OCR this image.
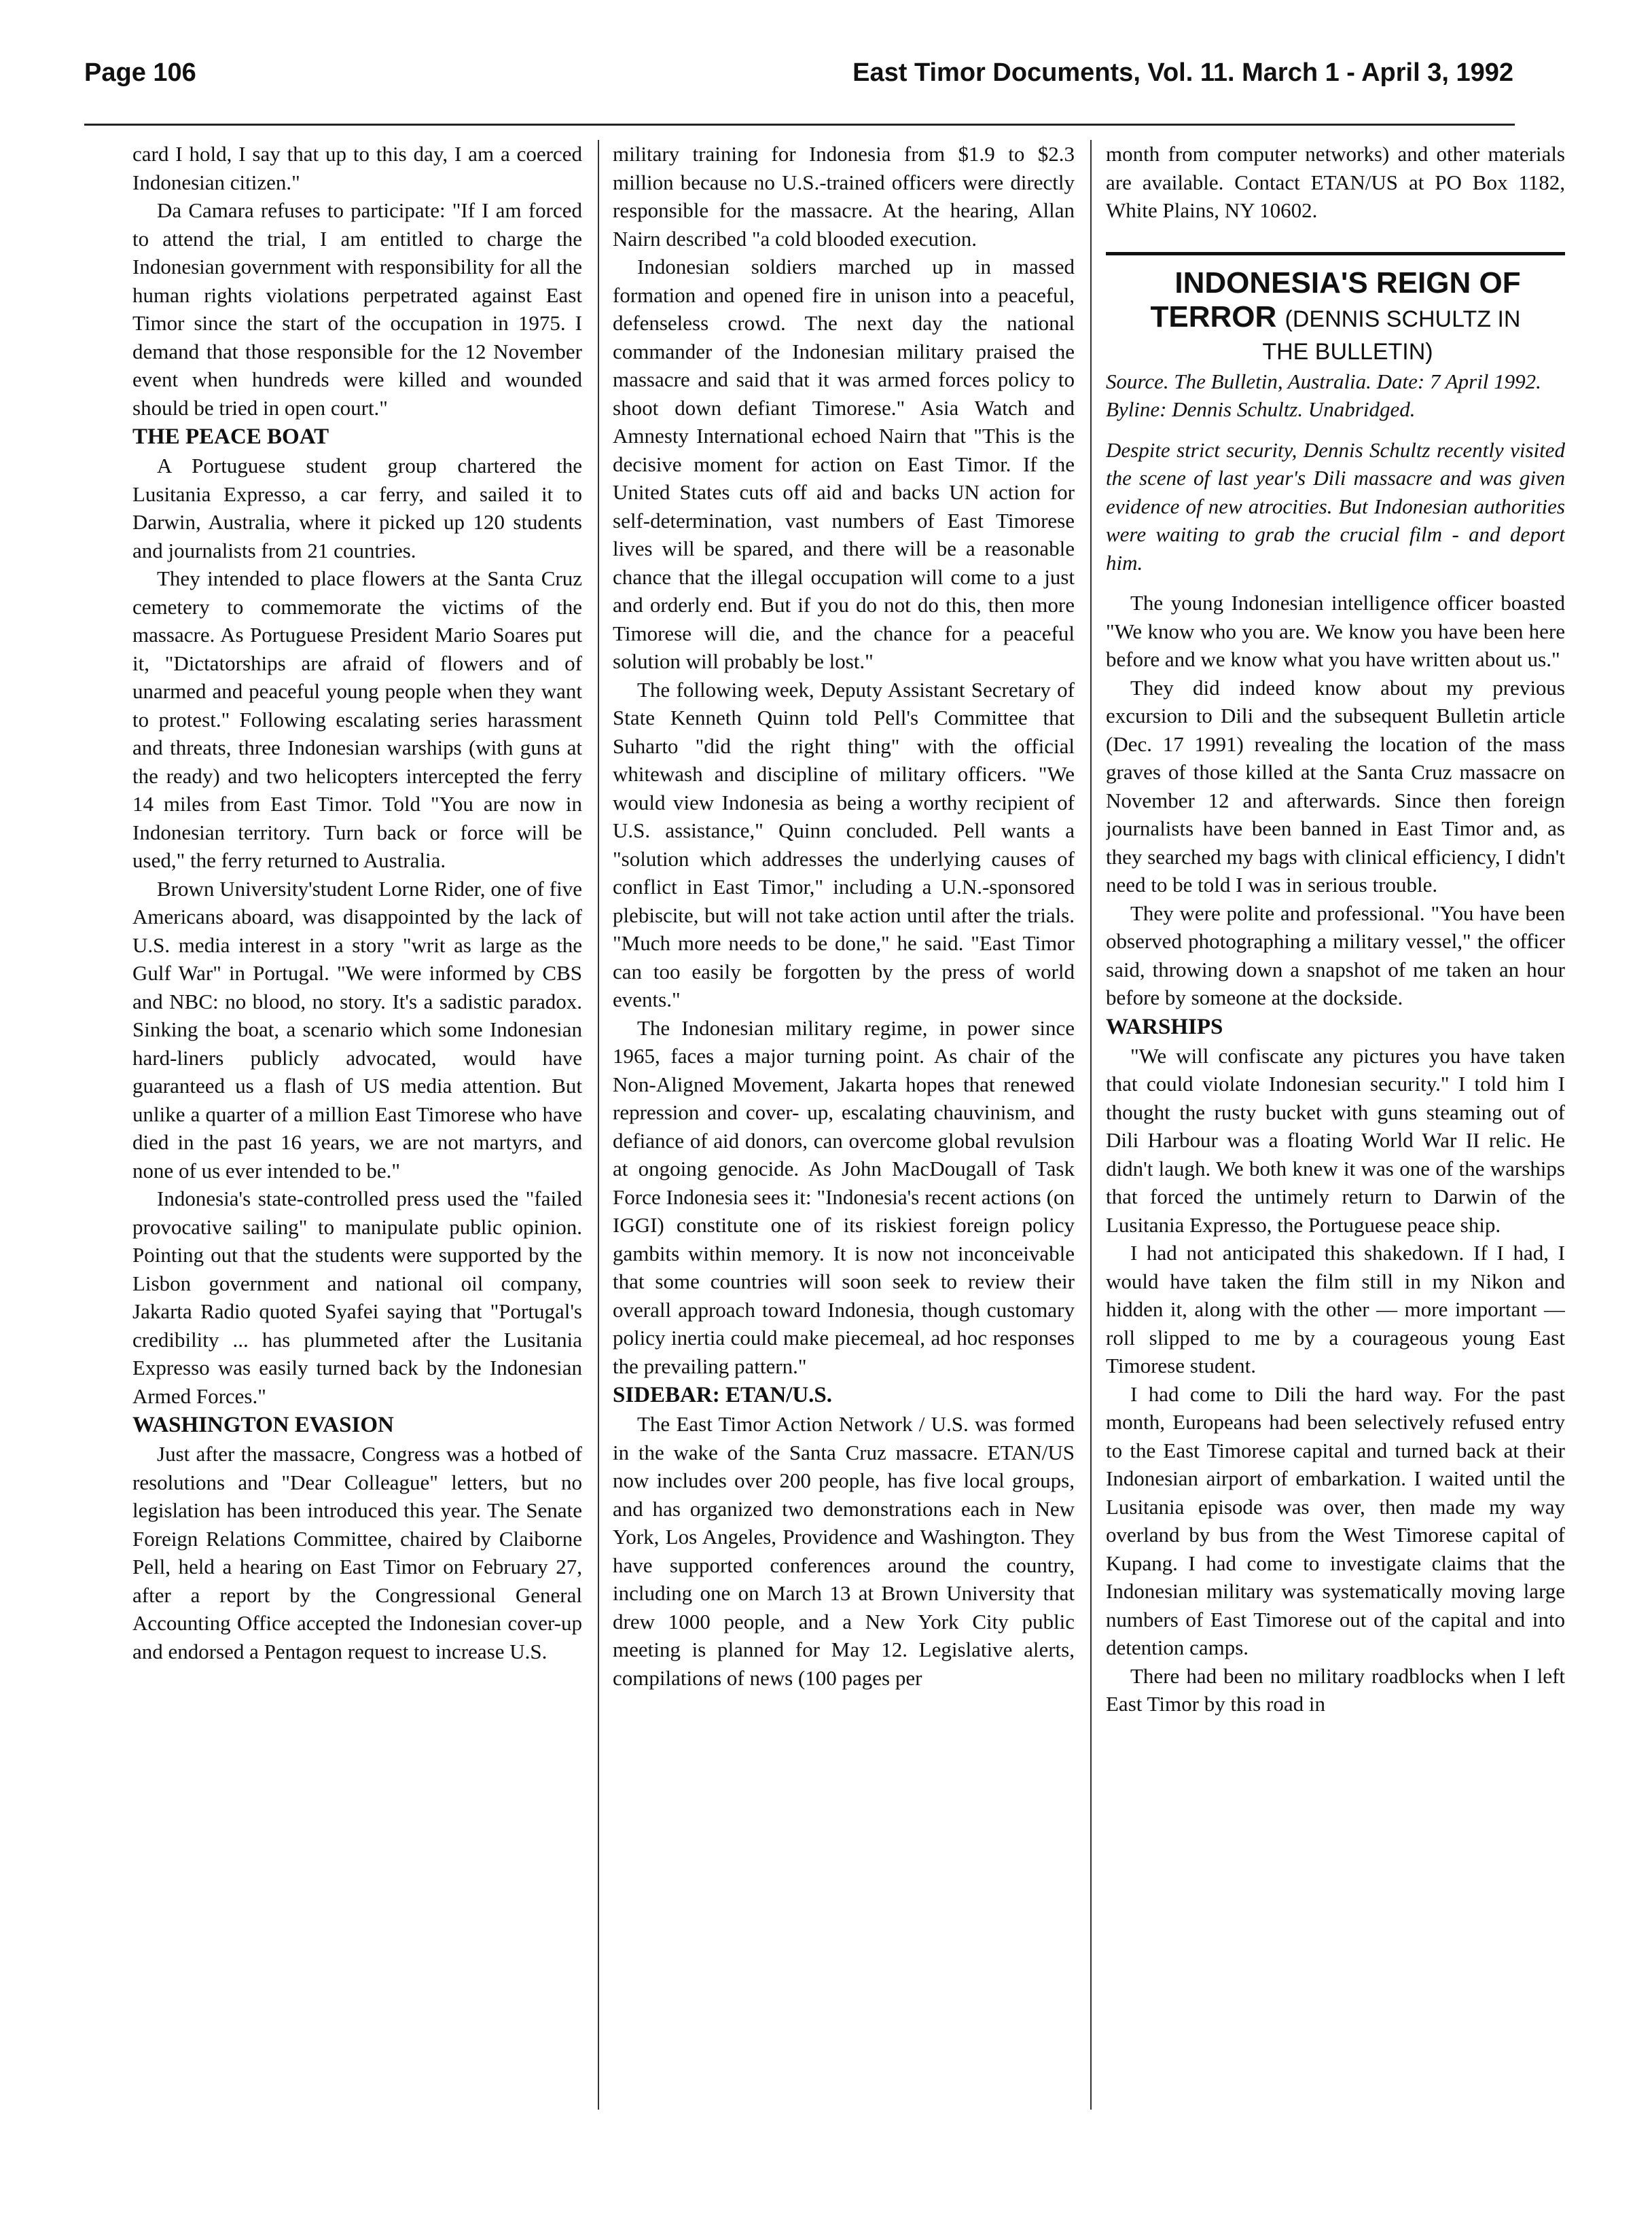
Page 106	East Timor Documents, Vol. 11. March 1 - April 3, 1992

card I hold, I say that up to this day, I am a coerced Indonesian citizen."

Da Camara refuses to participate: "If I am forced to attend the trial, I am entitled to charge the Indonesian government with responsibility for all the human rights violations perpetrated against East Timor since the start of the occupation in 1975. I demand that those responsible for the 12 November event when hundreds were killed and wounded should be tried in open court."

THE PEACE BOAT

A Portuguese student group chartered the Lusitania Expresso, a car ferry, and sailed it to Darwin, Australia, where it picked up 120 students and journalists from 21 countries.

They intended to place flowers at the Santa Cruz cemetery to commemorate the victims of the massacre. As Portuguese President Mario Soares put it, "Dictatorships are afraid of flowers and of unarmed and peaceful young people when they want to protest." Following escalating series harassment and threats, three Indonesian warships (with guns at the ready) and two helicopters intercepted the ferry 14 miles from East Timor. Told "You are now in Indonesian territory. Turn back or force will be used," the ferry returned to Australia.

Brown University'student Lorne Rider, one of five Americans aboard, was disappointed by the lack of U.S. media interest in a story "writ as large as the Gulf War" in Portugal. "We were informed by CBS and NBC: no blood, no story. It's a sadistic paradox. Sinking the boat, a scenario which some Indonesian hard-liners publicly advocated, would have guaranteed us a flash of US media attention. But unlike a quarter of a million East Timorese who have died in the past 16 years, we are not martyrs, and none of us ever intended to be."

Indonesia's state-controlled press used the "failed provocative sailing" to manipulate public opinion. Pointing out that the students were supported by the Lisbon government and national oil company, Jakarta Radio quoted Syafei saying that "Portugal's credibility ... has plummeted after the Lusitania Expresso was easily turned back by the Indonesian Armed Forces."

WASHINGTON EVASION

Just after the massacre, Congress was a hotbed of resolutions and "Dear Colleague" letters, but no legislation has been introduced this year. The Senate Foreign Relations Committee, chaired by Claiborne Pell, held a hearing on East Timor on February 27, after a report by the Congressional General Accounting Office accepted the Indonesian cover-up and endorsed a Pentagon request to increase U.S.

military training for Indonesia from $1.9 to $2.3 million because no U.S.-trained officers were directly responsible for the massacre. At the hearing, Allan Nairn described "a cold blooded execution.

Indonesian soldiers marched up in massed formation and opened fire in unison into a peaceful, defenseless crowd. The next day the national commander of the Indonesian military praised the massacre and said that it was armed forces policy to shoot down defiant Timorese." Asia Watch and Amnesty International echoed Nairn that "This is the decisive moment for action on East Timor. If the United States cuts off aid and backs UN action for self-determination, vast numbers of East Timorese lives will be spared, and there will be a reasonable chance that the illegal occupation will come to a just and orderly end. But if you do not do this, then more Timorese will die, and the chance for a peaceful solution will probably be lost."

The following week, Deputy Assistant Secretary of State Kenneth Quinn told Pell's Committee that Suharto "did the right thing" with the official whitewash and discipline of military officers. "We would view Indonesia as being a worthy recipient of U.S. assistance," Quinn concluded. Pell wants a "solution which addresses the underlying causes of conflict in East Timor," including a U.N.-sponsored plebiscite, but will not take action until after the trials. "Much more needs to be done," he said. "East Timor can too easily be forgotten by the press of world events."

The Indonesian military regime, in power since 1965, faces a major turning point. As chair of the Non-Aligned Movement, Jakarta hopes that renewed repression and cover- up, escalating chauvinism, and defiance of aid donors, can overcome global revulsion at ongoing genocide. As John MacDougall of Task Force Indonesia sees it: "Indonesia's recent actions (on IGGI) constitute one of its riskiest foreign policy gambits within memory. It is now not inconceivable that some countries will soon seek to review their overall approach toward Indonesia, though customary policy inertia could make piecemeal, ad hoc responses the prevailing pattern."

SIDEBAR: ETAN/U.S.

The East Timor Action Network / U.S. was formed in the wake of the Santa Cruz massacre. ETAN/US now includes over 200 people, has five local groups, and has organized two demonstrations each in New York, Los Angeles, Providence and Washington. They have supported conferences around the country, including one on March 13 at Brown University that drew 1000 people, and a New York City public meeting is planned for May 12. Legislative alerts, compilations of news (100 pages per

month from computer networks) and other materials are available. Contact ETAN/US at PO Box 1182, White Plains, NY 10602.

INDONESIA'S REIGN OF TERROR (DENNIS SCHULTZ IN

THE BULLETIN)

Source. The Bulletin, Australia. Date: 7 April 1992. Byline: Dennis Schultz. Unabridged.

Despite strict security, Dennis Schultz recently visited the scene of last year's Dili massacre and was given evidence of new atrocities. But Indonesian authorities were waiting to grab the crucial film - and deport him.

The young Indonesian intelligence officer boasted "We know who you are. We know you have been here before and we know what you have written about us."

They did indeed know about my previous excursion to Dili and the subsequent Bulletin article (Dec. 17 1991) revealing the location of the mass graves of those killed at the Santa Cruz massacre on November 12 and afterwards. Since then foreign journalists have been banned in East Timor and, as they searched my bags with clinical efficiency, I didn't need to be told I was in serious trouble.

They were polite and professional. "You have been observed photographing a military vessel," the officer said, throwing down a snapshot of me taken an hour before by someone at the dockside.

WARSHIPS

"We will confiscate any pictures you have taken that could violate Indonesian security." I told him I thought the rusty bucket with guns steaming out of Dili Harbour was a floating World War II relic. He didn't laugh. We both knew it was one of the warships that forced the untimely return to Darwin of the Lusitania Expresso, the Portuguese peace ship.

I had not anticipated this shakedown. If I had, I would have taken the film still in my Nikon and hidden it, along with the other — more important — roll slipped to me by a courageous young East Timorese student.

I had come to Dili the hard way. For the past month, Europeans had been selectively refused entry to the East Timorese capital and turned back at their Indonesian airport of embarkation. I waited until the Lusitania episode was over, then made my way overland by bus from the West Timorese capital of Kupang. I had come to investigate claims that the Indonesian military was systematically moving large numbers of East Timorese out of the capital and into detention camps.

There had been no military roadblocks when I left East Timor by this road in
